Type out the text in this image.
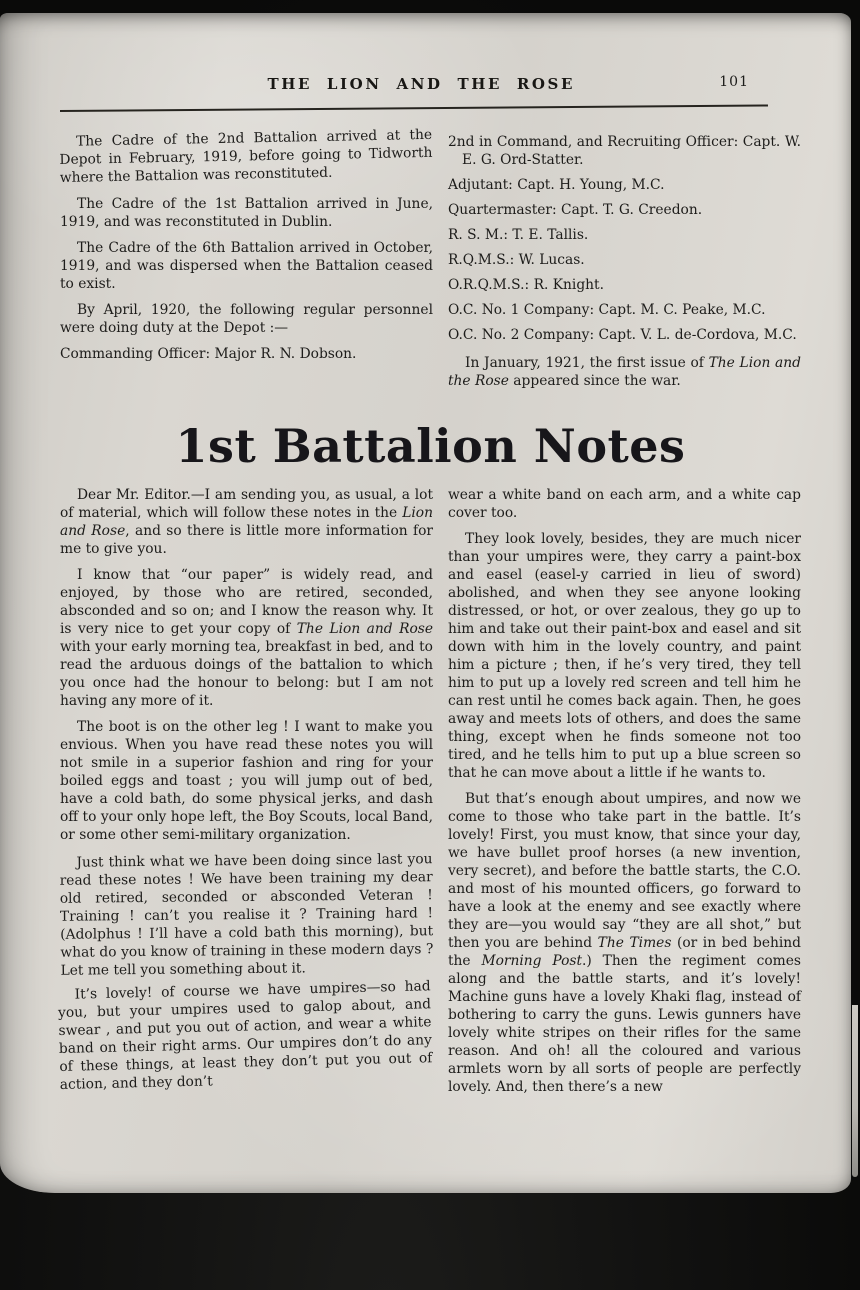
THE LION AND THE ROSE	101

The Cadre of the 2nd Battalion arrived at the Depot in February, 1919, before going to Tidworth where the Battalion was reconstituted.

The Cadre of the 1st Battalion arrived in June, 1919, and was reconstituted in Dublin.

The Cadre of the 6th Battalion arrived in October, 1919, and was dispersed when the Battalion ceased to exist.

By April, 1920, the following regular personnel were doing duty at the Depot :—

Commanding Officer: Major R. N. Dobson.

2nd in Command, and Recruiting Officer: Capt. W. E. G. Ord-Statter.

Adjutant: Capt. H. Young, M.C.

Quartermaster: Capt. T. G. Creedon.

R. S. M.: T. E. Tallis.

R.Q.M.S.: W. Lucas.

O.R.Q.M.S.: R. Knight.

O.C. No. 1 Company: Capt. M. C. Peake, M.C.

O.C. No. 2 Company: Capt. V. L. de-Cordova, M.C.

In January, 1921, the first issue of The Lion and the Rose appeared since the war.

1st Battalion Notes

Dear Mr. Editor.—I am sending you, as usual, a lot of material, which will follow these notes in the Lion and Rose, and so there is little more information for me to give you.

I know that “our paper” is widely read, and enjoyed, by those who are retired, seconded, absconded and so on; and I know the reason why. It is very nice to get your copy of The Lion and Rose with your early morning tea, breakfast in bed, and to read the arduous doings of the battalion to which you once had the honour to belong: but I am not having any more of it.

The boot is on the other leg ! I want to make you envious. When you have read these notes you will not smile in a superior fashion and ring for your boiled eggs and toast ; you will jump out of bed, have a cold bath, do some physical jerks, and dash off to your only hope left, the Boy Scouts, local Band, or some other semi-military organization.

Just think what we have been doing since last you read these notes ! We have been training my dear old retired, seconded or absconded Veteran ! Training ! can’t you realise it ? Training hard ! (Adolphus ! I’ll have a cold bath this morning), but what do you know of training in these modern days ? Let me tell you something about it.

It’s lovely! of course we have umpires—so had you, but your umpires used to galop about, and swear , and put you out of action, and wear a white band on their right arms. Our umpires don’t do any of these things, at least they don’t put you out of action, and they don’t

wear a white band on each arm, and a white cap cover too.

They look lovely, besides, they are much nicer than your umpires were, they carry a paint-box and easel (easel-y carried in lieu of sword) abolished, and when they see anyone looking distressed, or hot, or over zealous, they go up to him and take out their paint-box and easel and sit down with him in the lovely country, and paint him a picture ; then, if he’s very tired, they tell him to put up a lovely red screen and tell him he can rest until he comes back again. Then, he goes away and meets lots of others, and does the same thing, except when he finds someone not too tired, and he tells him to put up a blue screen so that he can move about a little if he wants to.

But that’s enough about umpires, and now we come to those who take part in the battle. It’s lovely! First, you must know, that since your day, we have bullet proof horses (a new invention, very secret), and before the battle starts, the C.O. and most of his mounted officers, go forward to have a look at the enemy and see exactly where they are—you would say “they are all shot,” but then you are behind The Times (or in bed behind the Morning Post.) Then the regiment comes along and the battle starts, and it’s lovely! Machine guns have a lovely Khaki flag, instead of bothering to carry the guns. Lewis gunners have lovely white stripes on their rifles for the same reason. And oh! all the coloured and various armlets worn by all sorts of people are perfectly lovely. And, then there’s a new
